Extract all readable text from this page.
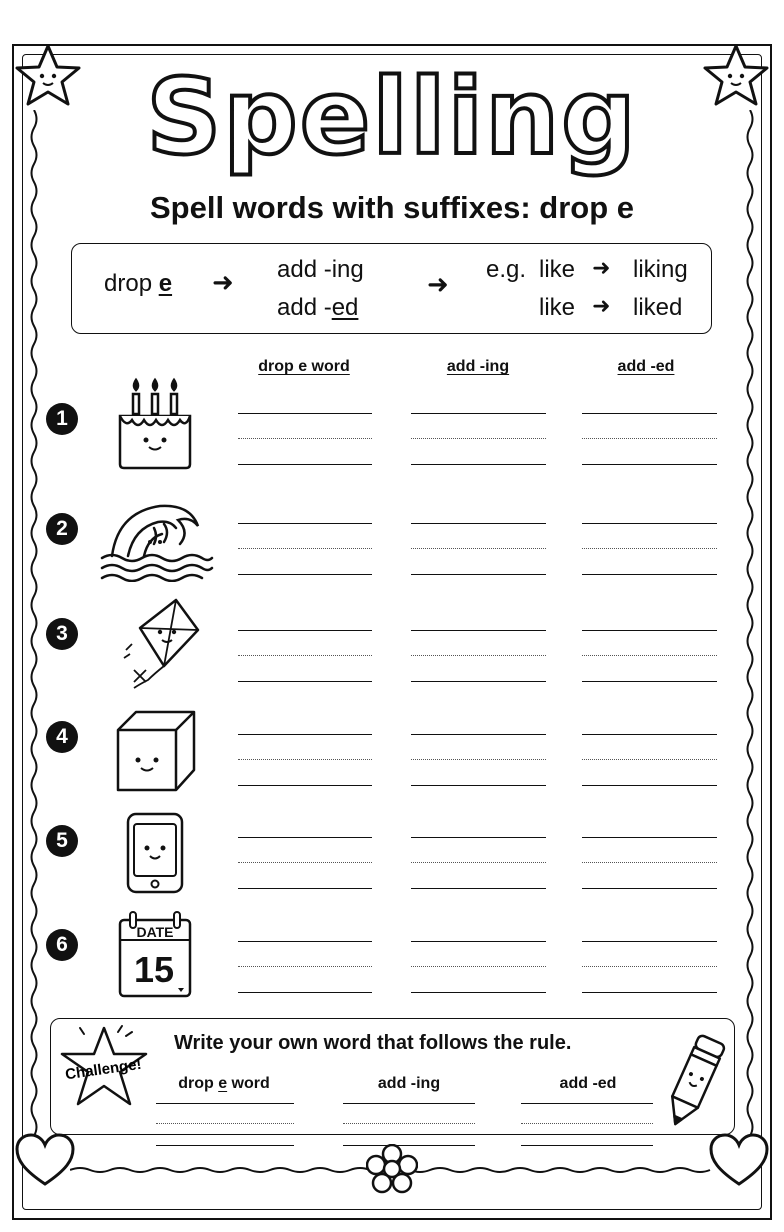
Spelling
Spell words with suffixes: drop e
drop e ➜ add -ing
add -ed
➜
e.g. like ➜ liking
like ➜ liked
drop e word	add -ing	add -ed
1
2
3
4
5
6
DATE
15
Challenge!
Write your own word that follows the rule.
drop e word	add -ing	add -ed
